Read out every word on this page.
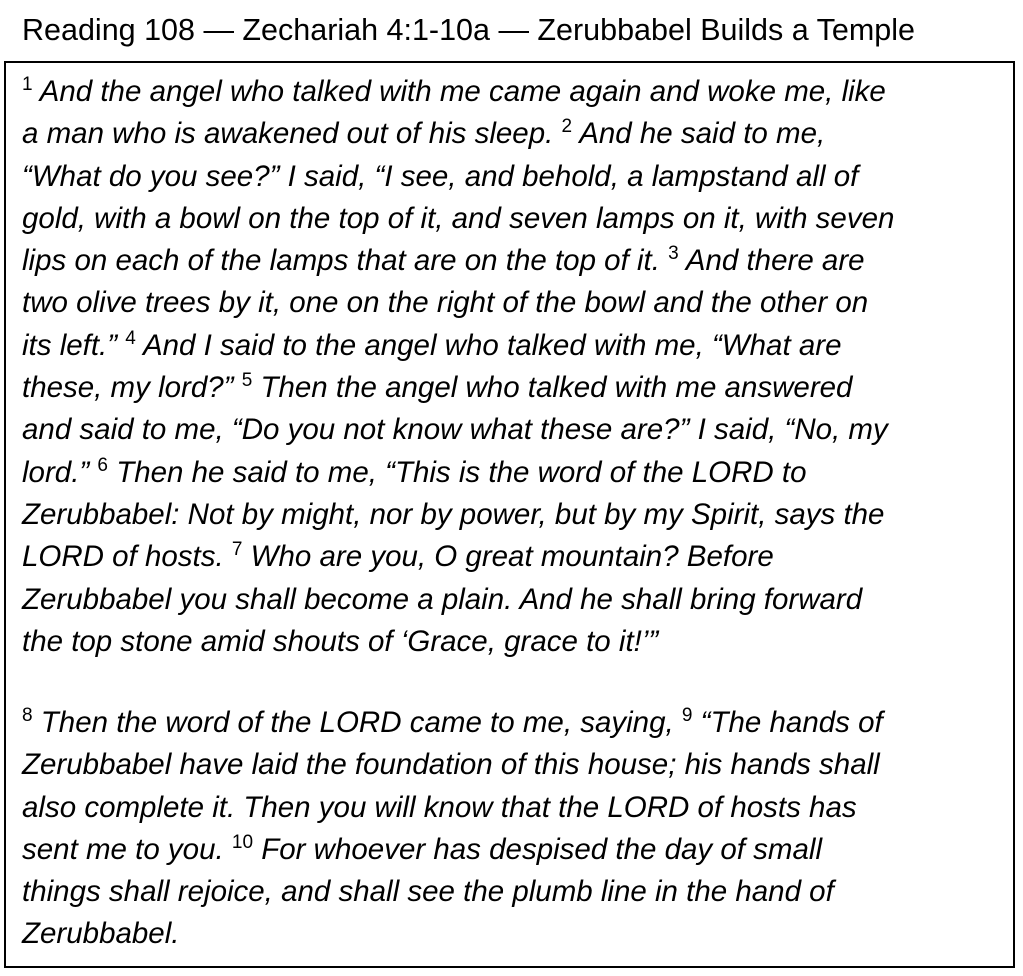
Reading 108 — Zechariah 4:1-10a — Zerubbabel Builds a Temple
$^1$ And the angel who talked with me came again and woke me, like
a man who is awakened out of his sleep. $^2$ And he said to me,
“What do you see?” I said, “I see, and behold, a lampstand all of
gold, with a bowl on the top of it, and seven lamps on it, with seven
lips on each of the lamps that are on the top of it. $^3$ And there are
two olive trees by it, one on the right of the bowl and the other on
its left.” $^4$ And I said to the angel who talked with me, “What are
these, my lord?” $^5$ Then the angel who talked with me answered
and said to me, “Do you not know what these are?” I said, “No, my
lord.” $^6$ Then he said to me, “This is the word of the LORD to
Zerubbabel: Not by might, nor by power, but by my Spirit, says the
LORD of hosts. $^7$ Who are you, O great mountain? Before
Zerubbabel you shall become a plain. And he shall bring forward
the top stone amid shouts of ‘Grace, grace to it!’”
$^8$ Then the word of the LORD came to me, saying, $^9$ “The hands of
Zerubbabel have laid the foundation of this house; his hands shall
also complete it. Then you will know that the LORD of hosts has
sent me to you. $^{10}$ For whoever has despised the day of small
things shall rejoice, and shall see the plumb line in the hand of
Zerubbabel.
